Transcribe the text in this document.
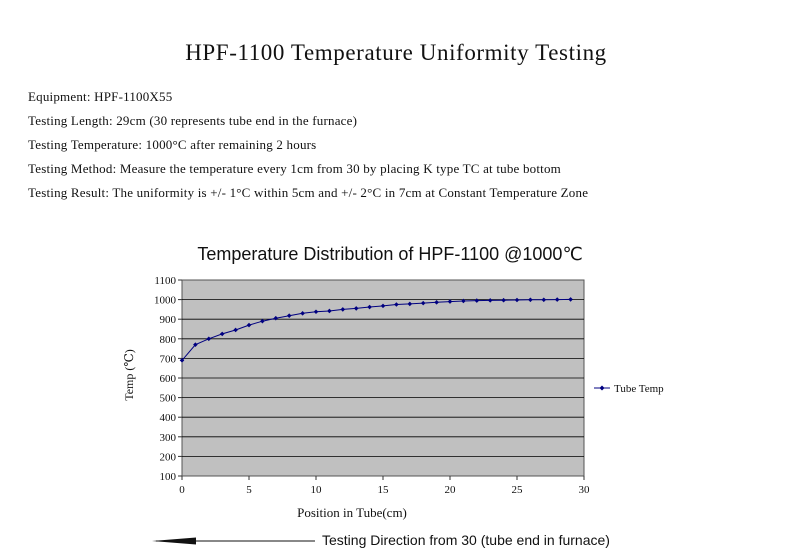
HPF-1100 Temperature Uniformity Testing
Equipment : HPF-1100X55
Testing Length : 29cm (30 represents tube end in the furnace)
Testing Temperature : 1000°C after remaining 2 hours
Testing Method : Measure the temperature every 1cm from 30 by placing K type TC at tube bottom
Testing Result : The uniformity is +/- 1°C within 5cm and +/- 2°C in 7cm at Constant Temperature Zone
Temperature Distribution of HPF-1100 @1000℃
100
200
300
400
500
600
700
800
900
1000
1100
0	5	10	15	20	25	30
Temp (℃)
Position in Tube(cm)
Tube Temp
Testing Direction from 30 (tube end in furnace)
